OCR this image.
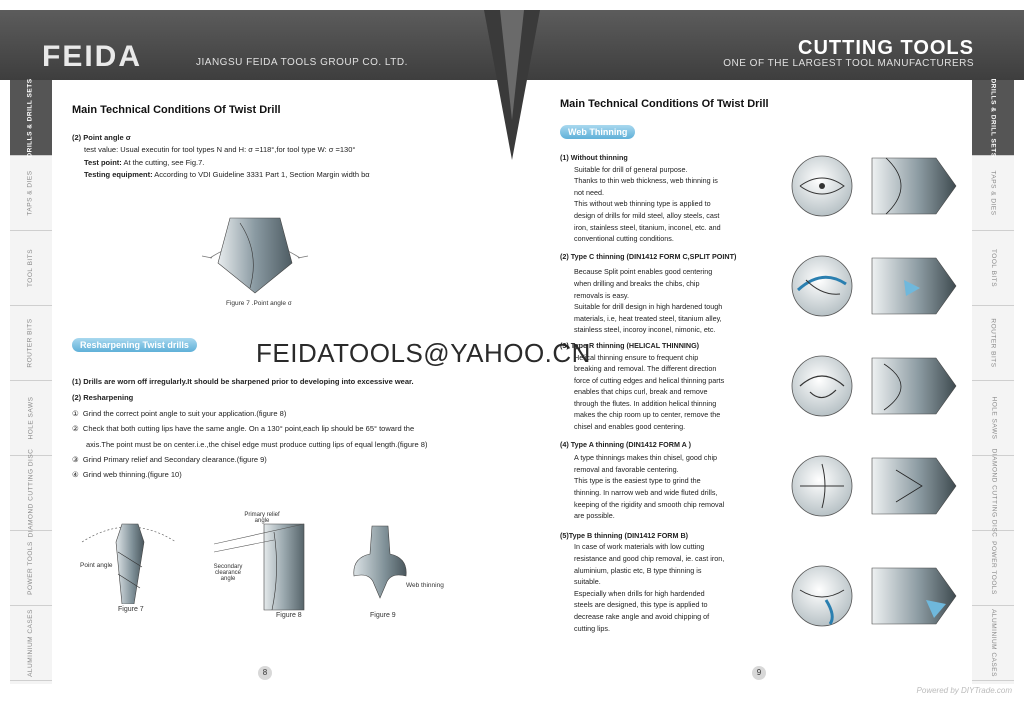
FEIDA	JIANGSU FEIDA TOOLS GROUP CO. LTD.
CUTTING TOOLS
ONE OF THE LARGEST TOOL MANUFACTURERS
DRILLS & DRILL SETS
TAPS & DIES
TOOL BITS
ROUTER BITS
HOLE SAWS
DIAMOND CUTTING DISC
POWER TOOLS
ALUMINIUM CASES
DRILLS & DRILL SETS
TAPS & DIES
TOOL BITS
ROUTER BITS
HOLE SAWS
DIAMOND CUTTING DISC
POWER TOOLS
ALUMINIUM CASES
Main Technical Conditions Of Twist Drill
(2) Point angle σ
test value: Usual executin for tool types N and H: σ =118°,for tool type W: σ =130°
Test point: At the cutting, see Fig.7.
Testing equipment: According to VDI Guideline 3331 Part 1, Section Margin width bα
Figure 7 .Point angle σ
Resharpening Twist drills
(1) Drills are worn off irregularly.It should be sharpened prior to developing into excessive wear.
(2) Resharpening
① Grind the correct point angle to suit your application.(figure 8)
② Check that both cutting lips have the same angle. On a 130° point,each lip should be 65° toward the
axis.The point must be on center.i.e.,the chisel edge must produce cutting lips of equal length.(figure 8)
③ Grind Primary relief and Secondary clearance.(figure 9)
④ Grind web thinning.(figure 10)
Point angle
Figure 7
Primary relief angle
Secondary clearance angle
Figure 8
Web thinning
Figure 9
8
Main Technical Conditions Of Twist Drill
Web Thinning
(1) Without thinning
Suitable for drill of general purpose.
Thanks to thin web thickness, web thinning is
not need.
This without web thinning type is applied to
design of drills for mild steel, alloy steels, cast
iron, stainless steel, titanium, inconel, etc. and
conventional cutting conditions.
(2) Type C thinning (DIN1412 FORM C,SPLIT POINT)
Because Split point enables good centering
when drilling and breaks the chibs, chip
removals is easy.
Suitable for drill design in high hardened tough
materials, i.e, heat treated steel, titanium alley,
stainless steel, incoroy inconel, nimonic, etc.
(3) Type R thinning (HELICAL THINNING)
Helical thinning ensure to frequent chip
breaking and removal. The different direction
force of cutting edges and helical thinning parts
enables that chips curl, break and remove
through the flutes. In addition helical thinning
makes the chip room up to center, remove the
chisel and enables good centering.
(4) Type A thinning (DIN1412 FORM A )
A type thinnings makes thin chisel, good chip
removal and favorable centering.
This type is the easiest type to grind the
thinning. In narrow web and wide fluted drills,
keeping of the rigidity and smooth chip removal
are possible.
(5)Type B thinning (DIN1412 FORM B)
In case of work materials with low cutting
resistance and good chip removal, ie. cast iron,
aluminium, plastic etc, B type thinning is
suitable.
Especially when drills for high hardended
steels are designed, this type is applied to
decrease rake angle and avoid chipping of
cutting lips.
9
FEIDATOOLS@YAHOO.CN
Powered by DIYTrade.com
